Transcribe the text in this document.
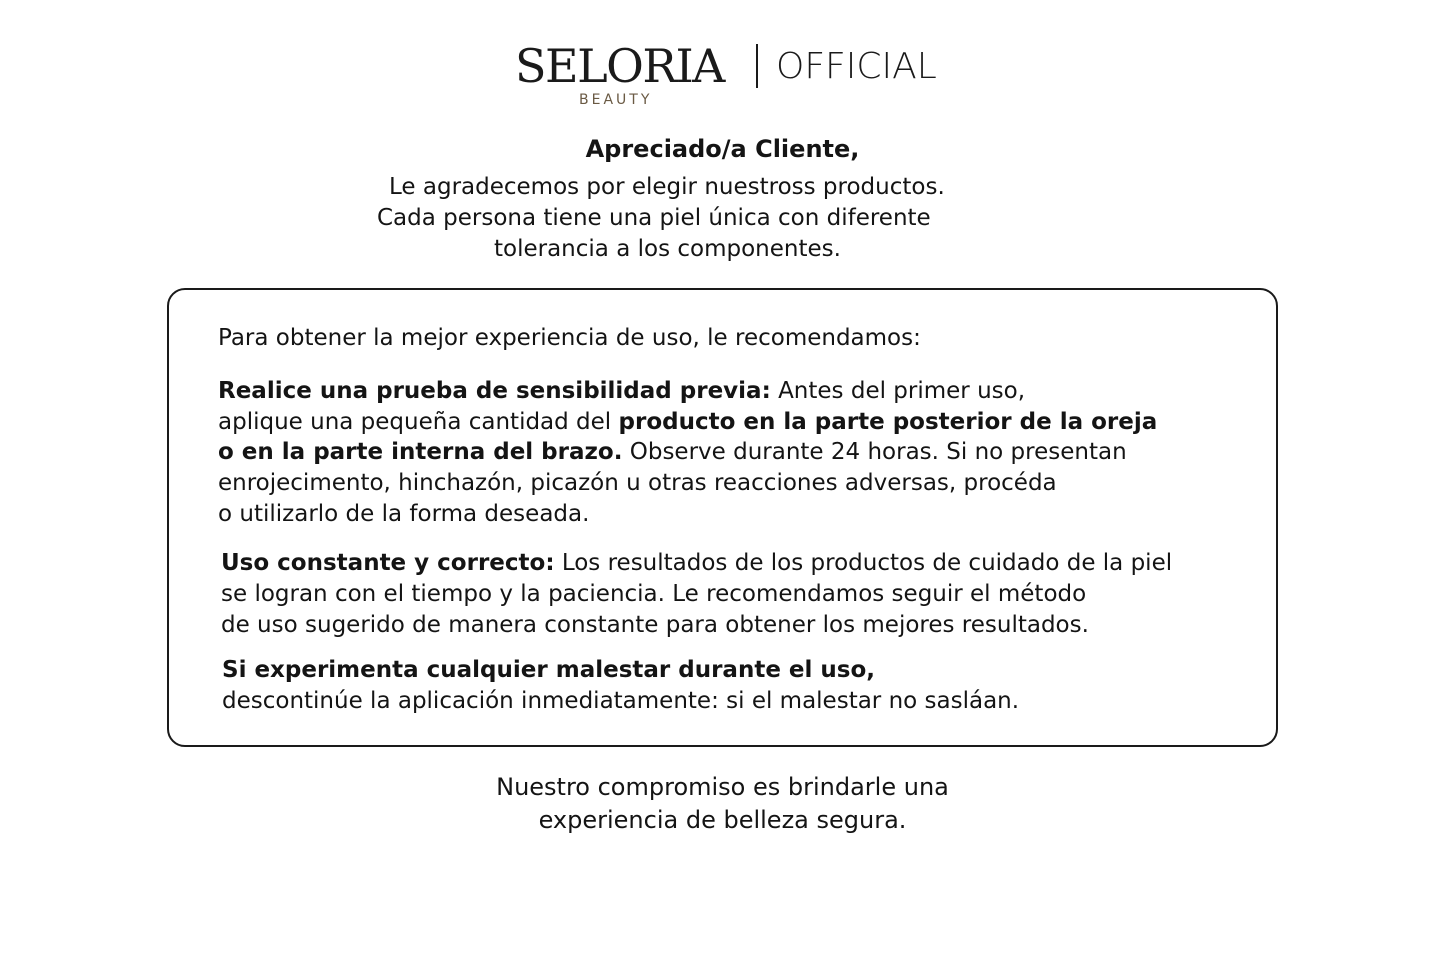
SELORIA
BEAUTY
OFFICIAL
Apreciado/a Cliente,
Le agradecemos por elegir nuestross productos.
Cada persona tiene una piel única con diferente
tolerancia a los componentes.
Para obtener la mejor experiencia de uso, le recomendamos:
Realice una prueba de sensibilidad previa: Antes del primer uso,
aplique una pequeña cantidad del producto en la parte posterior de la oreja
o en la parte interna del brazo. Observe durante 24 horas. Si no presentan
enrojecimento, hinchazón, picazón u otras reacciones adversas, procéda
o utilizarlo de la forma deseada.
Uso constante y correcto: Los resultados de los productos de cuidado de la piel
se logran con el tiempo y la paciencia. Le recomendamos seguir el método
de uso sugerido de manera constante para obtener los mejores resultados.
Si experimenta cualquier malestar durante el uso,
descontinúe la aplicación inmediatamente: si el malestar no sasláan.
Nuestro compromiso es brindarle una
experiencia de belleza segura.
